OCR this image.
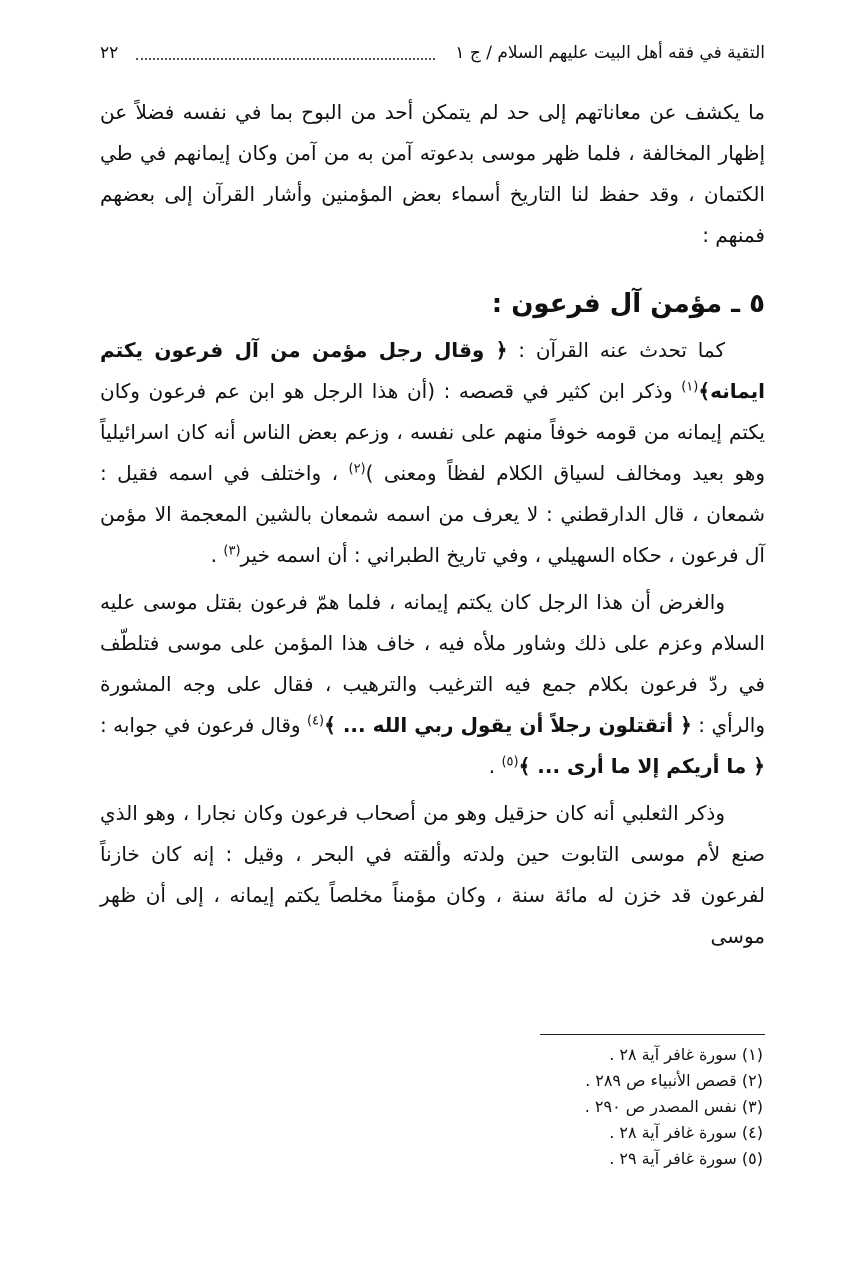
٢٢	التقية في فقه أهل البيت عليهم السلام / ج ١

ما يكشف عن معاناتهم إلى حد لم يتمكن أحد من البوح بما في نفسه فضلاً عن إظهار المخالفة ، فلما ظهر موسى بدعوته آمن به من آمن وكان إيمانهم في طي الكتمان ، وقد حفظ لنا التاريخ أسماء بعض المؤمنين وأشار القرآن إلى بعضهم فمنهم :

٥ ـ مؤمن آل فرعون :

كما تحدث عنه القرآن : ﴿ وقال رجل مؤمن من آل فرعون يكتم ايمانه﴾$^{(١)}$ وذكر ابن كثير في قصصه : (أن هذا الرجل هو ابن عم فرعون وكان يكتم إيمانه من قومه خوفاً منهم على نفسه ، وزعم بعض الناس أنه كان اسرائيلياً وهو بعيد ومخالف لسياق الكلام لفظاً ومعنى )$^{(٢)}$ ، واختلف في اسمه فقيل : شمعان ، قال الدارقطني : لا يعرف من اسمه شمعان بالشين المعجمة الا مؤمن آل فرعون ، حكاه السهيلي ، وفي تاريخ الطبراني : أن اسمه خير$^{(٣)}$ .

والغرض أن هذا الرجل كان يكتم إيمانه ، فلما همّ فرعون بقتل موسى عليه السلام وعزم على ذلك وشاور ملأه فيه ، خاف هذا المؤمن على موسى فتلطّف في ردّ فرعون بكلام جمع فيه الترغيب والترهيب ، فقال على وجه المشورة والرأي : ﴿ أتقتلون رجلاً أن يقول ربي الله ... ﴾$^{(٤)}$ وقال فرعون في جوابه : ﴿ ما أريكم إلا ما أرى ... ﴾$^{(٥)}$ .

وذكر الثعلبي أنه كان حزقيل وهو من أصحاب فرعون وكان نجارا ، وهو الذي صنع لأم موسى التابوت حين ولدته وألقته في البحر ، وقيل : إنه كان خازناً لفرعون قد خزن له مائة سنة ، وكان مؤمناً مخلصاً يكتم إيمانه ، إلى أن ظهر موسى

(١) سورة غافر آية ٢٨ .
(٢) قصص الأنبياء ص ٢٨٩ .
(٣) نفس المصدر ص ٢٩٠ .
(٤) سورة غافر آية ٢٨ .
(٥) سورة غافر آية ٢٩ .
